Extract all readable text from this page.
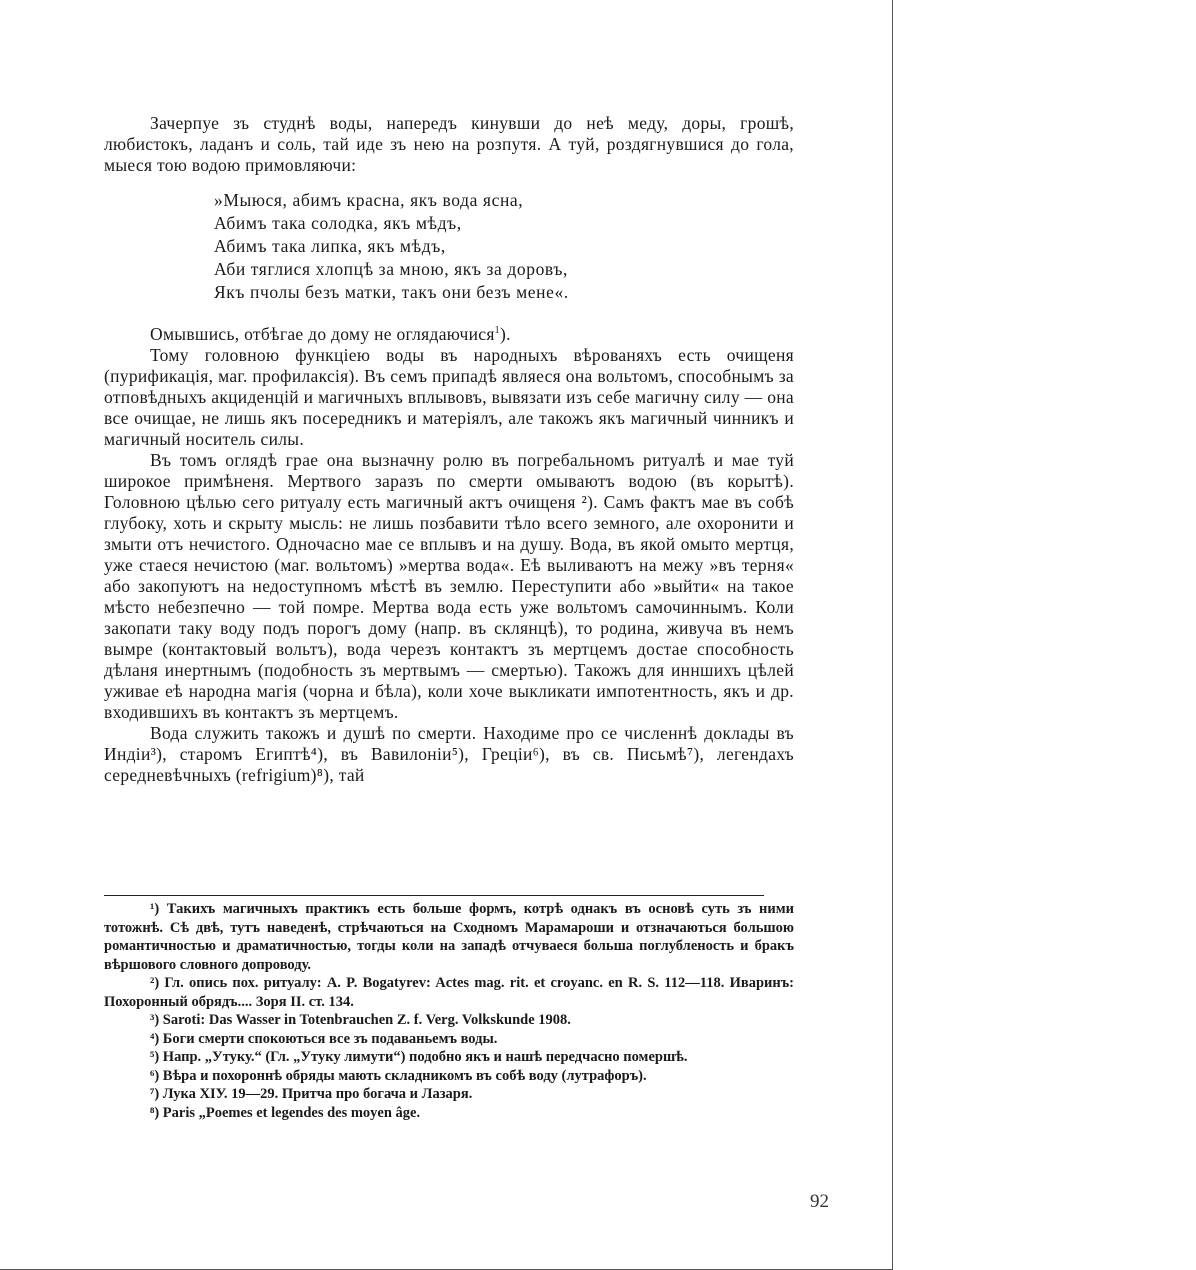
Зачерпуе зъ студнѣ воды, напередъ кинувши до неѣ меду, доры, грошѣ, любистокъ, ладанъ и соль, тай иде зъ нею на розпутя. А туй, роздягнувшися до гола, мыеся тою водою примовляючи:

»Мыюся, абимъ красна, якъ вода ясна,
Абимъ така солодка, якъ мѣдъ,
Абимъ така липка, якъ мѣдъ,
Аби тяглися хлопцѣ за мною, якъ за доровъ,
Якъ пчолы безъ матки, такъ они безъ мене«.

Омывшись, отбѣгае до дому не оглядаючися$^1$).

Тому головною функцiею воды въ народныхъ вѣрованяхъ есть очищеня (пурификацiя, маг. профилаксiя). Въ семъ припадѣ являеся она вольтомъ, способнымъ за отповѣдныхъ акциденцiй и магичныхъ вплывовъ, вывязати изъ себе магичну силу — она все очищае, не лишь якъ посередникъ и матерiялъ, але такожъ якъ магичный чинникъ и магичный носитель силы.

Въ томъ оглядѣ грае она вызначну ролю въ погребальномъ ритуалѣ и мае туй широкое примѣненя. Мертвого заразъ по смерти омываютъ водою (въ корытѣ). Головною цѣлью сего ритуалу есть магичный актъ очищеня ²). Самъ фактъ мае въ собѣ глубоку, хоть и скрыту мысль: не лишь позбавити тѣло всего земного, але охоронити и змыти отъ нечистого. Одночасно мае се вплывъ и на душу. Вода, въ якой омыто мертця, уже стаеся нечистою (маг. вольтомъ) »мертва вода«. Еѣ выливаютъ на межу »въ терня« або закопуютъ на недоступномъ мѣстѣ въ землю. Переступити або »выйти« на такое мѣсто небезпечно — той помре. Мертва вода есть уже вольтомъ самочиннымъ. Коли закопати таку воду подъ порогъ дому (напр. въ склянцѣ), то родина, живуча въ немъ вымре (контактовый вольтъ), вода черезъ контактъ зъ мертцемъ достае способность дѣланя инертнымъ (подобность зъ мертвымъ — смертью). Такожъ для инншихъ цѣлей уживае еѣ народна магiя (чорна и бѣла), коли хоче выкликати импотентность, якъ и др. входившихъ въ контактъ зъ мертцемъ.

Вода служить такожъ и душѣ по смерти. Находиме про се численнѣ доклады въ Индiи³), старомъ Египтѣ⁴), въ Вавилонiи⁵), Грецiи⁶), въ св. Письмѣ⁷), легендахъ середневѣчныхъ (refrigium)⁸), тай

¹) Такихъ магичныхъ практикъ есть больше формъ, котрѣ однакъ въ основѣ суть зъ ними тотожнѣ. Сѣ двѣ, тутъ наведенѣ, стрѣчаються на Сходномъ Марамароши и отзначаються большою романтичностью и драматичностью, тогды коли на западѣ отчуваеся больша поглубленость и бракъ вѣршового словного допроводу.

²) Гл. опись пох. ритуалу: A. P. Bogatyrev: Actes mag. rit. et croyanc. en R. S. 112—118. Иваринъ: Похоронный обрядъ.... Зоря II. ст. 134.

³) Saroti: Das Wasser in Totenbrauchen Z. f. Verg. Volkskunde 1908.

⁴) Боги смерти спокоються все зъ подаваньемъ воды.

⁵) Напр. „Утуку.“ (Гл. „Утуку лимути“) подобно якъ и нашѣ передчасно помершѣ.

⁶) Вѣра и похороннѣ обряды мають складникомъ въ собѣ воду (лутрафоръ).

⁷) Лука XIУ. 19—29. Притча про богача и Лазаря.

⁸) Paris „Poemes et legendes des moyen âge.

92
